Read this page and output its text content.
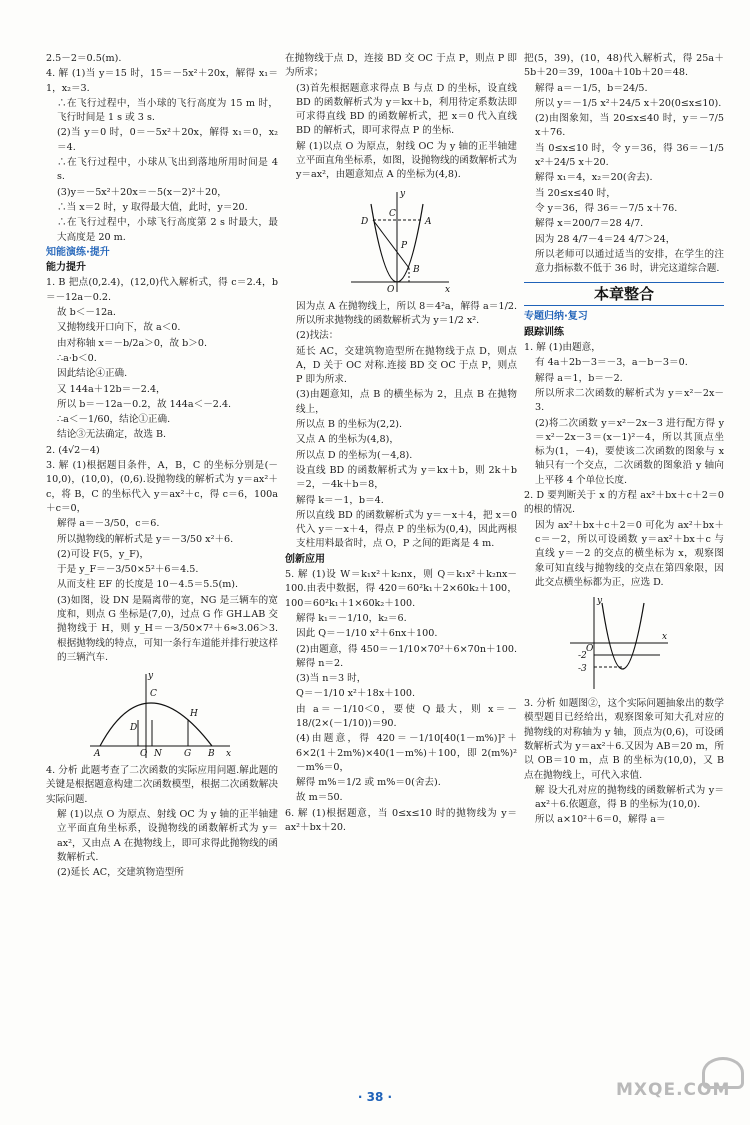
2.5－2＝0.5(m).

4. 解 (1)当 y＝15 时，15＝－5x²＋20x，解得 x₁＝1，x₂＝3.

∴在飞行过程中，当小球的飞行高度为 15 m 时，飞行时间是 1 s 或 3 s.

(2)当 y＝0 时，0＝－5x²＋20x，解得 x₁＝0，x₂＝4.

∴在飞行过程中，小球从飞出到落地所用时间是 4 s.

(3)y＝－5x²＋20x＝－5(x－2)²＋20，

∴当 x＝2 时，y 取得最大值，此时，y＝20.

∴在飞行过程中，小球飞行高度第 2 s 时最大，最大高度是 20 m.

知能演练·提升

能力提升

1. B 把点(0,2.4)，(12,0)代入解析式，得 c＝2.4，b＝－12a－0.2.

故 b＜－12a.

又抛物线开口向下，故 a＜0.

由对称轴 x＝－b/2a＞0，故 b＞0.

∴a·b＜0.

因此结论④正确.

又 144a＋12b＝－2.4，

所以 b＝－12a－0.2，故 144a＜－2.4.

∴a＜－1/60，结论①正确.

结论③无法确定，故选 B.

2. (4√2－4)

3. 解 (1)根据题目条件，A，B，C 的坐标分别是(－10,0)，(10,0)，(0,6).设抛物线的解析式为 y＝ax²＋c，将 B，C 的坐标代入 y＝ax²＋c，得 c＝6，100a＋c＝0，

解得 a＝－3/50，c＝6.

所以抛物线的解析式是 y＝－3/50 x²＋6.

(2)可设 F(5，y_F)，

于是 y_F＝－3/50×5²＋6＝4.5.

从而支柱 EF 的长度是 10－4.5＝5.5(m).

(3)如图，设 DN 是隔离带的宽，NG 是三辆车的宽度和，则点 G 坐标是(7,0)，过点 G 作 GH⊥AB 交抛物线于 H，则 y_H＝－3/50×7²＋6≈3.06＞3.根据抛物线的特点，可知一条行车道能并排行驶这样的三辆汽车.

y
C
H
D
A	O N G B x

4. 分析 此题考查了二次函数的实际应用问题.解此题的关键是根据题意构建二次函数模型，根据二次函数解决实际问题.

解 (1)以点 O 为原点、射线 OC 为 y 轴的正半轴建立平面直角坐标系，设抛物线的函数解析式为 y＝ax²，又由点 A 在抛物线上，即可求得此抛物线的函数解析式.

(2)延长 AC，交建筑物造型所

在抛物线于点 D，连接 BD 交 OC 于点 P，则点 P 即为所求；

(3)首先根据题意求得点 B 与点 D 的坐标，设直线 BD 的函数解析式为 y＝kx＋b，利用待定系数法即可求得直线 BD 的函数解析式，把 x＝0 代入直线 BD 的解析式，即可求得点 P 的坐标.

解 (1)以点 O 为原点，射线 OC 为 y 轴的正半轴建立平面直角坐标系，如图，设抛物线的函数解析式为 y＝ax²，由题意知点 A 的坐标为(4,8).

y
D
C
A
P
B
O	x

因为点 A 在抛物线上，所以 8＝4²a，解得 a＝1/2.所以所求抛物线的函数解析式为 y＝1/2 x².

(2)找法：

延长 AC，交建筑物造型所在抛物线于点 D，则点 A，D 关于 OC 对称.连接 BD 交 OC 于点 P，则点 P 即为所求.

(3)由题意知，点 B 的横坐标为 2，且点 B 在抛物线上，

所以点 B 的坐标为(2,2).

又点 A 的坐标为(4,8)，

所以点 D 的坐标为(－4,8).

设直线 BD 的函数解析式为 y＝kx＋b，则 2k＋b＝2，－4k＋b＝8，

解得 k＝－1，b＝4.

所以直线 BD 的函数解析式为 y＝－x＋4，把 x＝0 代入 y＝－x＋4，得点 P 的坐标为(0,4)，因此两根支柱用料最省时，点 O，P 之间的距离是 4 m.

创新应用

5. 解 (1)设 W＝k₁x²＋k₂nx，则 Q＝k₁x²＋k₂nx－100.由表中数据，得 420＝60²k₁＋2×60k₂＋100，100＝60²k₁＋1×60k₂＋100.

解得 k₁＝－1/10，k₂＝6.

因此 Q＝－1/10 x²＋6nx＋100.

(2)由题意，得 450＝－1/10×70²＋6×70n＋100.解得 n＝2.

(3)当 n＝3 时，

Q＝－1/10 x²＋18x＋100.

由 a＝－1/10＜0，要使 Q 最大，则 x＝－18/(2×(－1/10))＝90.

(4)由题意，得 420＝－1/10[40(1－m%)]²＋6×2(1＋2m%)×40(1－m%)＋100，即 2(m%)²－m%＝0，

解得 m%＝1/2 或 m%＝0(舍去).

故 m＝50.

6. 解 (1)根据题意，当 0≤x≤10 时的抛物线为 y＝ax²＋bx＋20.

把(5，39)，(10，48)代入解析式，得 25a＋5b＋20＝39，100a＋10b＋20＝48.

解得 a＝－1/5，b＝24/5.

所以 y＝－1/5 x²＋24/5 x＋20(0≤x≤10).

(2)由图象知，当 20≤x≤40 时，y＝－7/5 x＋76.

当 0≤x≤10 时，令 y＝36，得 36＝－1/5 x²＋24/5 x＋20.

解得 x₁＝4，x₂＝20(舍去).

当 20≤x≤40 时，

令 y＝36，得 36＝－7/5 x＋76.

解得 x＝200/7＝28 4/7.

因为 28 4/7－4＝24 4/7＞24，

所以老师可以通过适当的安排，在学生的注意力指标数不低于 36 时，讲完这道综合题.

本章整合

专题归纳·复习

跟踪训练

1. 解 (1)由题意，

有 4a＋2b－3＝－3，a－b－3＝0.

解得 a＝1，b＝－2.

所以所求二次函数的解析式为 y＝x²－2x－3.

(2)将二次函数 y＝x²－2x－3 进行配方得 y＝x²－2x－3＝(x－1)²－4，所以其顶点坐标为(1，－4)，要使该二次函数的图象与 x 轴只有一个交点，二次函数的图象沿 y 轴向上平移 4 个单位长度.

2. D 要判断关于 x 的方程 ax²＋bx＋c＋2＝0 的根的情况.

因为 ax²＋bx＋c＋2＝0 可化为 ax²＋bx＋c＝－2，所以可设函数 y＝ax²＋bx＋c 与直线 y＝－2 的交点的横坐标为 x，观察图象可知直线与抛物线的交点在第四象限，因此交点横坐标都为正，应选 D.

y
x
O
-2
-3

3. 分析 如题图②，这个实际问题抽象出的数学模型题目已经给出，观察图象可知大孔对应的抛物线的对称轴为 y 轴，顶点为(0,6)，可设函数解析式为 y＝ax²＋6.又因为 AB＝20 m，所以 OB＝10 m，点 B 的坐标为(10,0)，又 B 点在抛物线上，可代入求值.

解 设大孔对应的抛物线的函数解析式为 y＝ax²＋6.依题意，得 B 的坐标为(10,0).

所以 a×10²＋6＝0，解得 a＝

· 38 ·	MXQE.COM
